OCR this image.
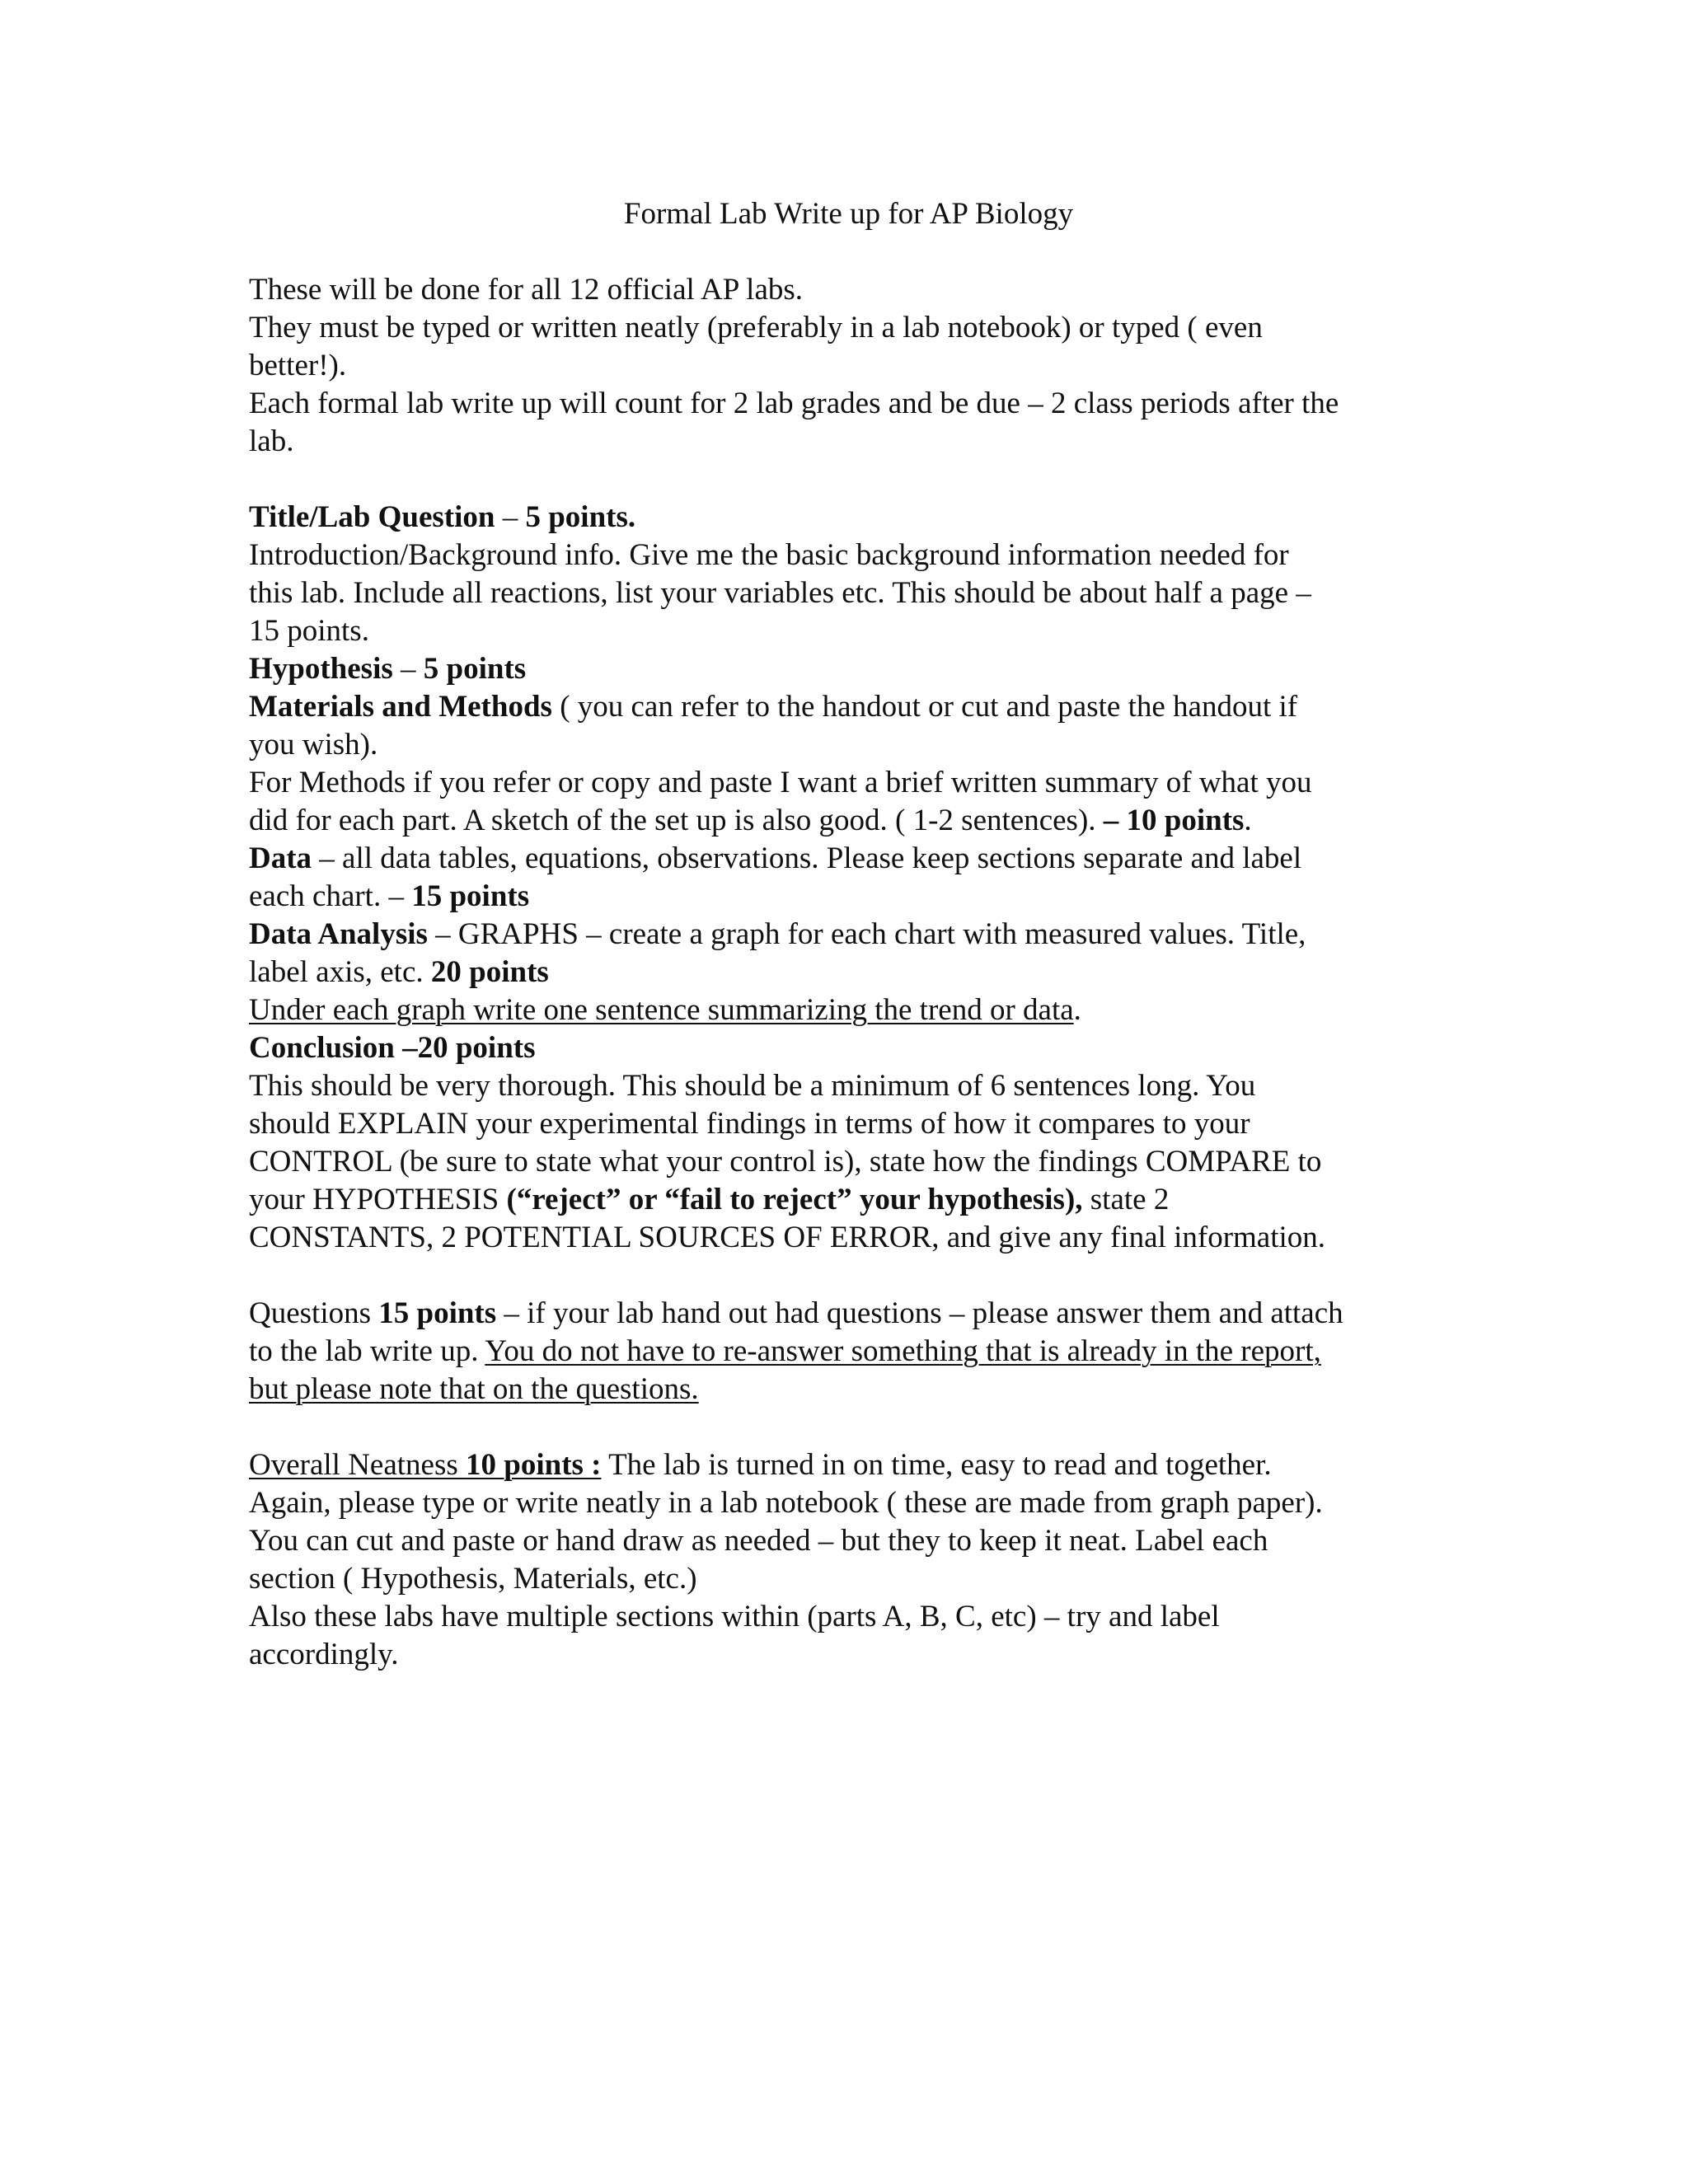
Formal Lab Write up for AP Biology
These will be done for all 12 official AP labs.
They must be typed or written neatly (preferably in a lab notebook) or typed ( even
better!).
Each formal lab write up will count for 2 lab grades and be due – 2 class periods after the
lab.
Title/Lab Question – 5 points.
Introduction/Background info. Give me the basic background information needed for
this lab. Include all reactions, list your variables etc. This should be about half a page –
15 points.
Hypothesis – 5 points
Materials and Methods ( you can refer to the handout or cut and paste the handout if
you wish).
For Methods if you refer or copy and paste I want a brief written summary of what you
did for each part. A sketch of the set up is also good. ( 1-2 sentences). – 10 points.
Data – all data tables, equations, observations. Please keep sections separate and label
each chart. – 15 points
Data Analysis – GRAPHS – create a graph for each chart with measured values. Title,
label axis, etc. 20 points
Under each graph write one sentence summarizing the trend or data.
Conclusion –20 points
This should be very thorough. This should be a minimum of 6 sentences long. You
should EXPLAIN your experimental findings in terms of how it compares to your
CONTROL (be sure to state what your control is), state how the findings COMPARE to
your HYPOTHESIS (“reject” or “fail to reject” your hypothesis), state 2
CONSTANTS, 2 POTENTIAL SOURCES OF ERROR, and give any final information.
Questions 15 points – if your lab hand out had questions – please answer them and attach
to the lab write up. You do not have to re-answer something that is already in the report,
but please note that on the questions.
Overall Neatness 10 points : The lab is turned in on time, easy to read and together.
Again, please type or write neatly in a lab notebook ( these are made from graph paper).
You can cut and paste or hand draw as needed – but they to keep it neat. Label each
section ( Hypothesis, Materials, etc.)
Also these labs have multiple sections within (parts A, B, C, etc) – try and label
accordingly.
